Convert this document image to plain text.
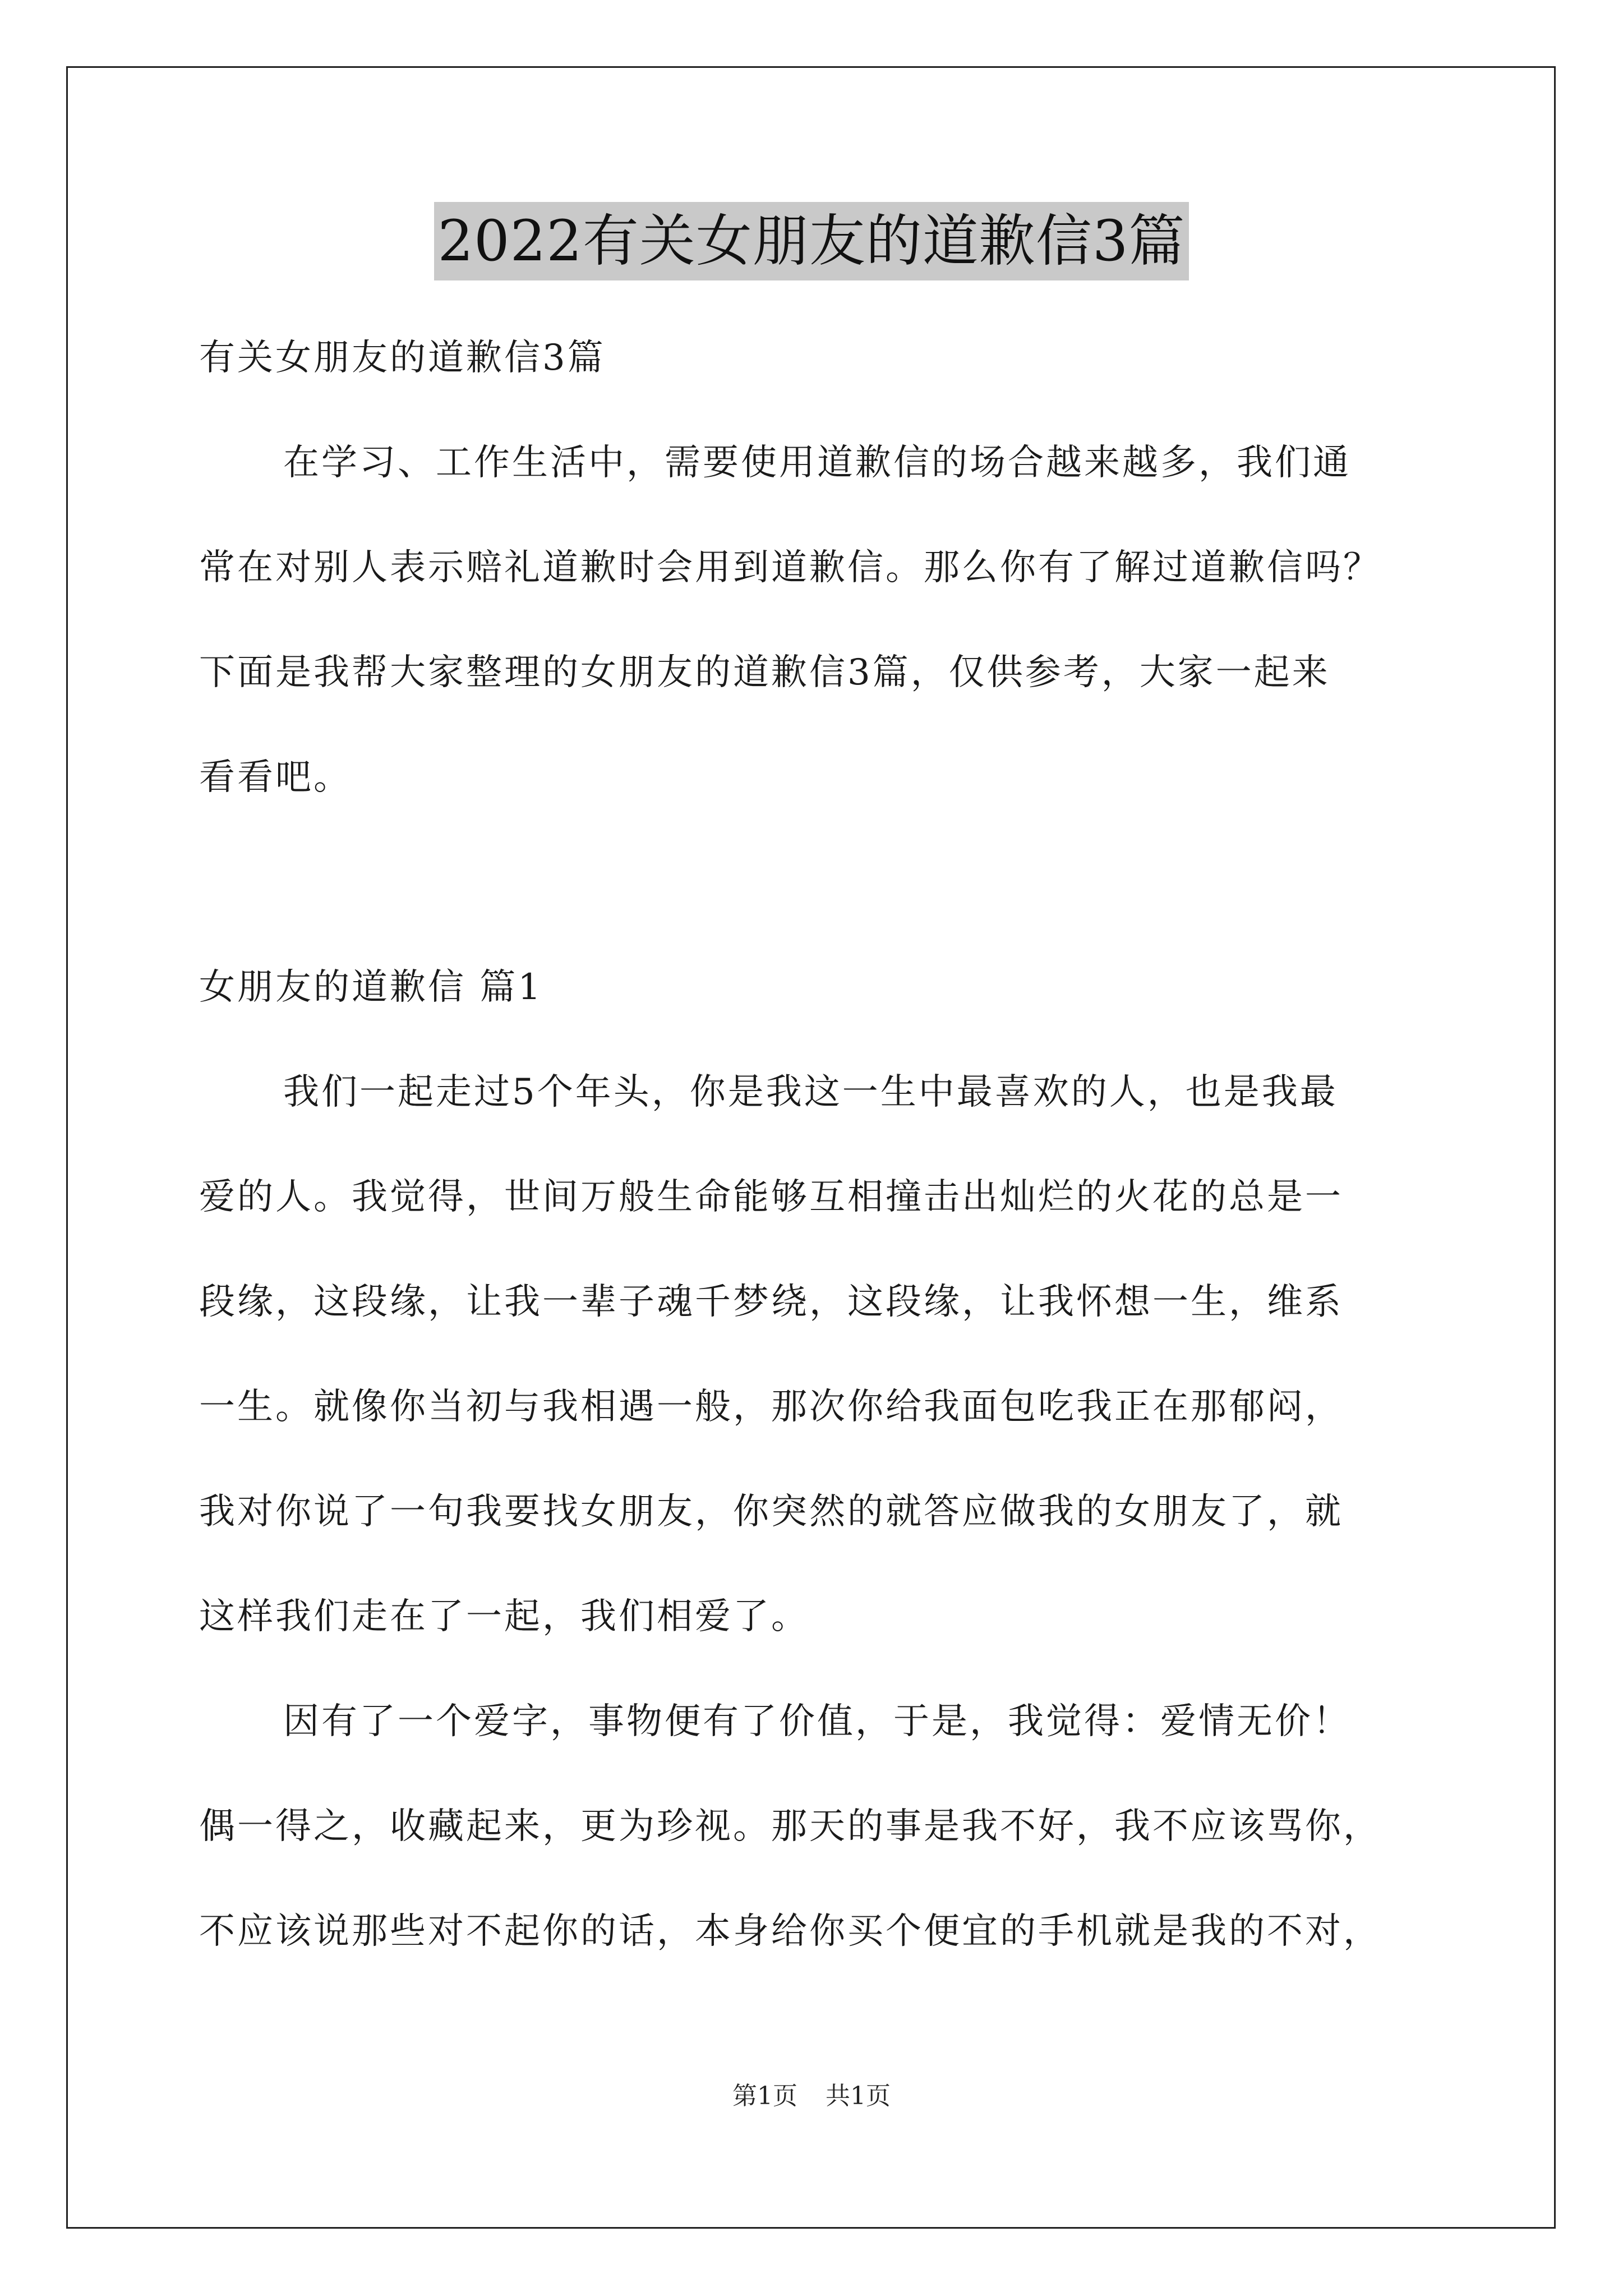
2022有关女朋友的道歉信3篇
有关女朋友的道歉信3篇
在学习、工作生活中，需要使用道歉信的场合越来越多，我们通
常在对别人表示赔礼道歉时会用到道歉信。那么你有了解过道歉信吗？
下面是我帮大家整理的女朋友的道歉信3篇，仅供参考，大家一起来
看看吧。
女朋友的道歉信 篇1
我们一起走过5个年头，你是我这一生中最喜欢的人，也是我最
爱的人。我觉得，世间万般生命能够互相撞击出灿烂的火花的总是一
段缘，这段缘，让我一辈子魂千梦绕，这段缘，让我怀想一生，维系
一生。就像你当初与我相遇一般，那次你给我面包吃我正在那郁闷，
我对你说了一句我要找女朋友，你突然的就答应做我的女朋友了，就
这样我们走在了一起，我们相爱了。
因有了一个爱字，事物便有了价值，于是，我觉得：爱情无价！
偶一得之，收藏起来，更为珍视。那天的事是我不好，我不应该骂你，
不应该说那些对不起你的话，本身给你买个便宜的手机就是我的不对，
第1页 共1页
